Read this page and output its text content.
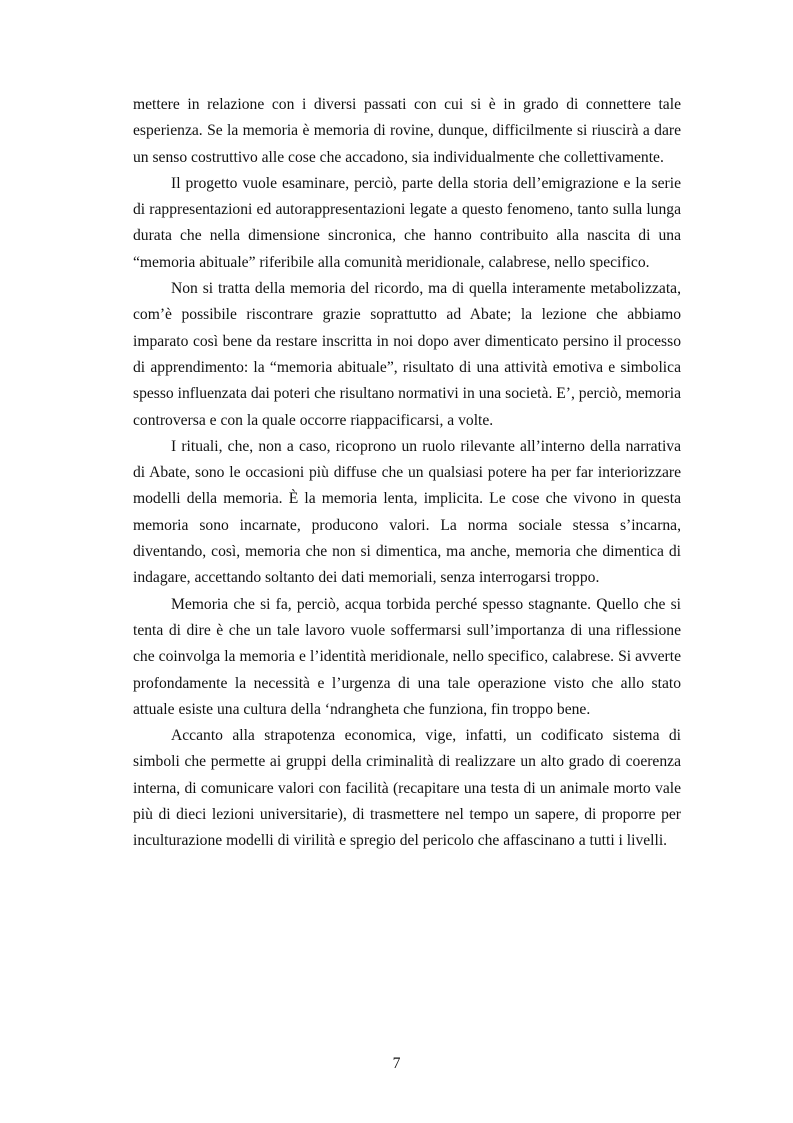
mettere in relazione con i diversi passati con cui si è in grado di connettere tale esperienza. Se la memoria è memoria di rovine, dunque, difficilmente si riuscirà a dare un senso costruttivo alle cose che accadono, sia individualmente che collettivamente.

Il progetto vuole esaminare, perciò, parte della storia dell’emigrazione e la serie di rappresentazioni ed autorappresentazioni legate a questo fenomeno, tanto sulla lunga durata che nella dimensione sincronica, che hanno contribuito alla nascita di una “memoria abituale” riferibile alla comunità meridionale, calabrese, nello specifico.

Non si tratta della memoria del ricordo, ma di quella interamente metabolizzata, com’è possibile riscontrare grazie soprattutto ad Abate; la lezione che abbiamo imparato così bene da restare inscritta in noi dopo aver dimenticato persino il processo di apprendimento: la “memoria abituale”, risultato di una attività emotiva e simbolica spesso influenzata dai poteri che risultano normativi in una società. E’, perciò, memoria controversa e con la quale occorre riappacificarsi, a volte.

I rituali, che, non a caso, ricoprono un ruolo rilevante all’interno della narrativa di Abate, sono le occasioni più diffuse che un qualsiasi potere ha per far interiorizzare modelli della memoria. È la memoria lenta, implicita. Le cose che vivono in questa memoria sono incarnate, producono valori. La norma sociale stessa s’incarna, diventando, così, memoria che non si dimentica, ma anche, memoria che dimentica di indagare, accettando soltanto dei dati memoriali, senza interrogarsi troppo.

Memoria che si fa, perciò, acqua torbida perché spesso stagnante. Quello che si tenta di dire è che un tale lavoro vuole soffermarsi sull’importanza di una riflessione che coinvolga la memoria e l’identità meridionale, nello specifico, calabrese. Si avverte profondamente la necessità e l’urgenza di una tale operazione visto che allo stato attuale esiste una cultura della ‘ndrangheta che funziona, fin troppo bene.

Accanto alla strapotenza economica, vige, infatti, un codificato sistema di simboli che permette ai gruppi della criminalità di realizzare un alto grado di coerenza interna, di comunicare valori con facilità (recapitare una testa di un animale morto vale più di dieci lezioni universitarie), di trasmettere nel tempo un sapere, di proporre per inculturazione modelli di virilità e spregio del pericolo che affascinano a tutti i livelli.

7
